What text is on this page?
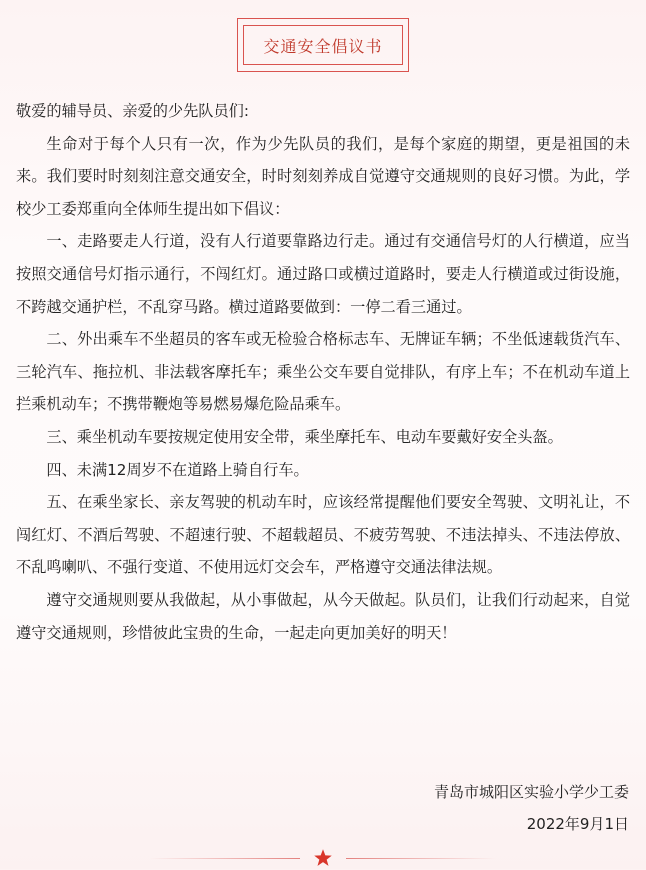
交通安全倡议书

敬爱的辅导员、亲爱的少先队员们:

生命对于每个人只有一次，作为少先队员的我们，是每个家庭的期望，更是祖国的未来。我们要时时刻刻注意交通安全，时时刻刻养成自觉遵守交通规则的良好习惯。为此，学校少工委郑重向全体师生提出如下倡议：

一、走路要走人行道，没有人行道要靠路边行走。通过有交通信号灯的人行横道，应当按照交通信号灯指示通行，不闯红灯。通过路口或横过道路时，要走人行横道或过街设施，不跨越交通护栏，不乱穿马路。横过道路要做到：一停二看三通过。

二、外出乘车不坐超员的客车或无检验合格标志车、无牌证车辆；不坐低速载货汽车、三轮汽车、拖拉机、非法载客摩托车；乘坐公交车要自觉排队，有序上车；不在机动车道上拦乘机动车；不携带鞭炮等易燃易爆危险品乘车。

三、乘坐机动车要按规定使用安全带，乘坐摩托车、电动车要戴好安全头盔。

四、未满12周岁不在道路上骑自行车。

五、在乘坐家长、亲友驾驶的机动车时，应该经常提醒他们要安全驾驶、文明礼让，不闯红灯、不酒后驾驶、不超速行驶、不超载超员、不疲劳驾驶、不违法掉头、不违法停放、不乱鸣喇叭、不强行变道、不使用远灯交会车，严格遵守交通法律法规。

遵守交通规则要从我做起，从小事做起，从今天做起。队员们，让我们行动起来，自觉遵守交通规则，珍惜彼此宝贵的生命，一起走向更加美好的明天！

青岛市城阳区实验小学少工委
2022年9月1日
